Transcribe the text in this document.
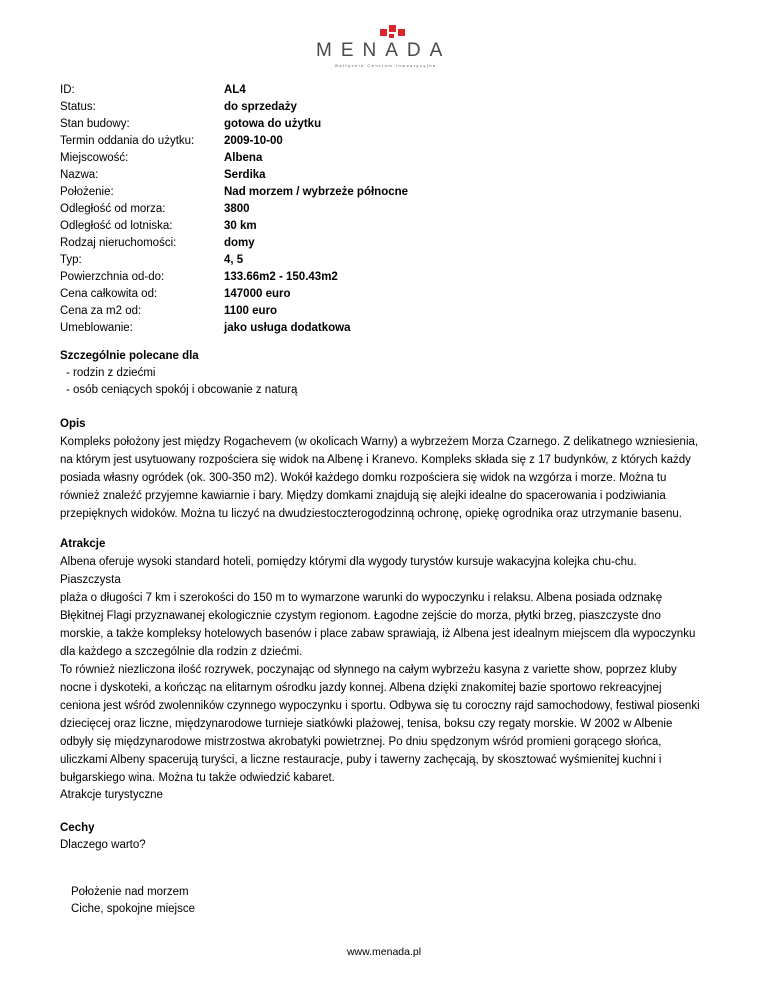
MENADA
Bałtyckie Centrum Inwestycyjne
ID:	AL4
Status:	do sprzedaży
Stan budowy:	gotowa do użytku
Termin oddania do użytku:	2009-10-00
Miejscowość:	Albena
Nazwa:	Serdika
Położenie:	Nad morzem / wybrzeże północne
Odległość od morza:	3800
Odległość od lotniska:	30 km
Rodzaj nieruchomości:	domy
Typ:	4, 5
Powierzchnia od-do:	133.66m2 - 150.43m2
Cena całkowita od:	147000 euro
Cena za m2 od:	1100 euro
Umeblowanie:	jako usługa dodatkowa
Szczególnie polecane dla
- rodzin z dziećmi
- osób ceniących spokój i obcowanie z naturą
Opis
Kompleks położony jest między Rogachevem (w okolicach Warny) a wybrzeżem Morza Czarnego. Z delikatnego wzniesienia,
na którym jest usytuowany rozpościera się widok na Albenę i Kranevo. Kompleks składa się z 17 budynków, z których każdy
posiada własny ogródek (ok. 300-350 m2). Wokół każdego domku rozpościera się widok na wzgórza i morze. Można tu
również znaleźć przyjemne kawiarnie i bary. Między domkami znajdują się alejki idealne do spacerowania i podziwiania
przepięknych widoków. Można tu liczyć na dwudziestoczterogodzinną ochronę, opiekę ogrodnika oraz utrzymanie basenu.
Atrakcje
Albena oferuje wysoki standard hoteli, pomiędzy którymi dla wygody turystów kursuje wakacyjna kolejka chu-chu. Piaszczysta
plaża o długości 7 km i szerokości do 150 m to wymarzone warunki do wypoczynku i relaksu. Albena posiada odznakę
Błękitnej Flagi przyznawanej ekologicznie czystym regionom. Łagodne zejście do morza, płytki brzeg, piaszczyste dno
morskie, a także kompleksy hotelowych basenów i place zabaw sprawiają, iż Albena jest idealnym miejscem dla wypoczynku
dla każdego a szczególnie dla rodzin z dziećmi.
To również niezliczona ilość rozrywek, poczynając od słynnego na całym wybrzeżu kasyna z variette show, poprzez kluby
nocne i dyskoteki, a kończąc na elitarnym ośrodku jazdy konnej. Albena dzięki znakomitej bazie sportowo rekreacyjnej
ceniona jest wśród zwolenników czynnego wypoczynku i sportu. Odbywa się tu coroczny rajd samochodowy, festiwal piosenki
dziecięcej oraz liczne, międzynarodowe turnieje siatkówki plażowej, tenisa, boksu czy regaty morskie. W 2002 w Albenie
odbyły się międzynarodowe mistrzostwa akrobatyki powietrznej. Po dniu spędzonym wśród promieni gorącego słońca,
uliczkami Albeny spacerują turyści, a liczne restauracje, puby i tawerny zachęcają, by skosztować wyśmienitej kuchni i
bułgarskiego wina. Można tu także odwiedzić kabaret.
Atrakcje turystyczne
Cechy
Dlaczego warto?
Położenie nad morzem
Ciche, spokojne miejsce
www.menada.pl
